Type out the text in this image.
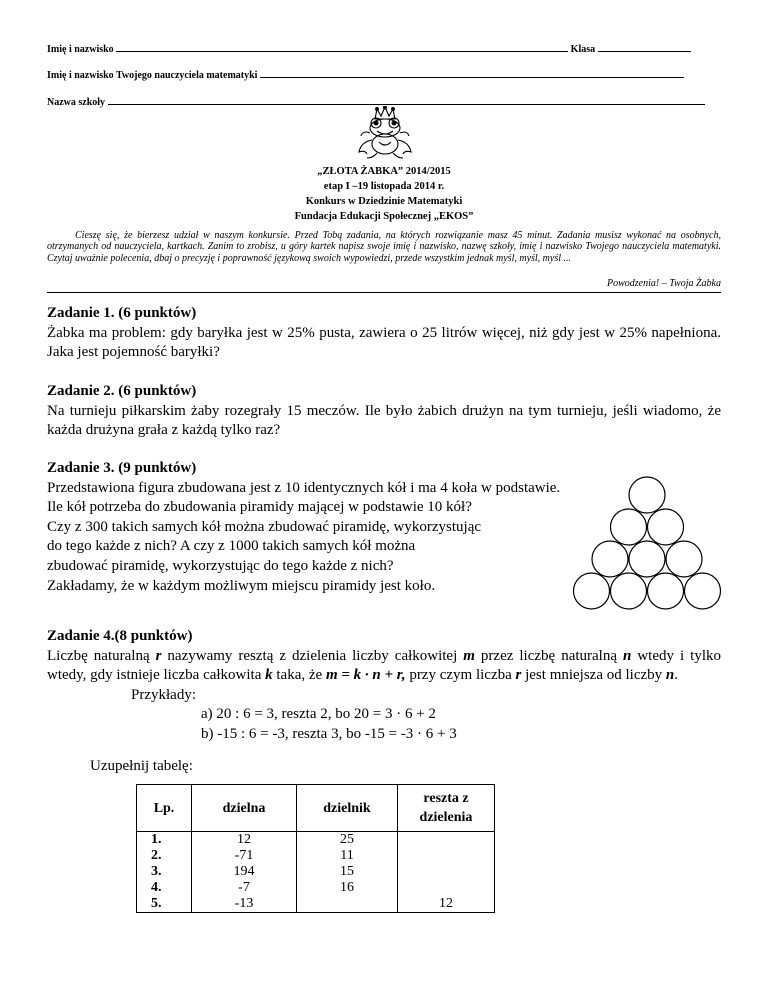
Imię i nazwisko	Klasa
Imię i nazwisko Twojego nauczyciela matematyki
Nazwa szkoły
„ZŁOTA ŻABKA” 2014/2015
etap I –19 listopada 2014 r.
Konkurs w Dziedzinie Matematyki
Fundacja Edukacji Społecznej „EKOS”

Cieszę się, że bierzesz udział w naszym konkursie. Przed Tobą zadania, na których rozwiązanie masz 45 minut. Zadania musisz wykonać na osobnych, otrzymanych od nauczyciela, kartkach. Zanim to zrobisz, u góry kartek napisz swoje imię i nazwisko, nazwę szkoły, imię i nazwisko Twojego nauczyciela matematyki. Czytaj uważnie polecenia, dbaj o precyzję i poprawność językową swoich wypowiedzi, przede wszystkim jednak myśl, myśl, myśl ...

Powodzenia! – Twoja Żabka
Zadanie 1. (6 punktów)

Żabka ma problem: gdy baryłka jest w 25% pusta, zawiera o 25 litrów więcej, niż gdy jest w 25% napełniona. Jaka jest pojemność baryłki?

Zadanie 2. (6 punktów)

Na turnieju piłkarskim żaby rozegrały 15 meczów. Ile było żabich drużyn na tym turnieju, jeśli wiadomo, że każda drużyna grała z każdą tylko raz?

Zadanie 3. (9 punktów)

Przedstawiona figura zbudowana jest z 10 identycznych kół i ma 4 koła w podstawie.

Ile kół potrzeba do zbudowania piramidy mającej w podstawie 10 kół?

Czy z 300 takich samych kół można zbudować piramidę, wykorzystując

do tego każde z nich? A czy z 1000 takich samych kół można

zbudować piramidę, wykorzystując do tego każde z nich?

Zakładamy, że w każdym możliwym miejscu piramidy jest koło.

Zadanie 4.(8 punktów)

Liczbę naturalną r nazywamy resztą z dzielenia liczby całkowitej m przez liczbę naturalną n wtedy i tylko wtedy, gdy istnieje liczba całkowita k taka, że m = k · n + r, przy czym liczba r jest mniejsza od liczby n.

Przykłady:

a) 20 : 6 = 3, reszta 2, bo 20 = 3 · 6 + 2

b) -15 : 6 = -3, reszta 3, bo -15 = -3 · 6 + 3

Uzupełnij tabelę:
Lp.	dzielna	dzielnik	reszta z dzielenia
1.	12	25	
2.	-71	11	
3.	194	15	
4.	-7	16	
5.	-13		12
